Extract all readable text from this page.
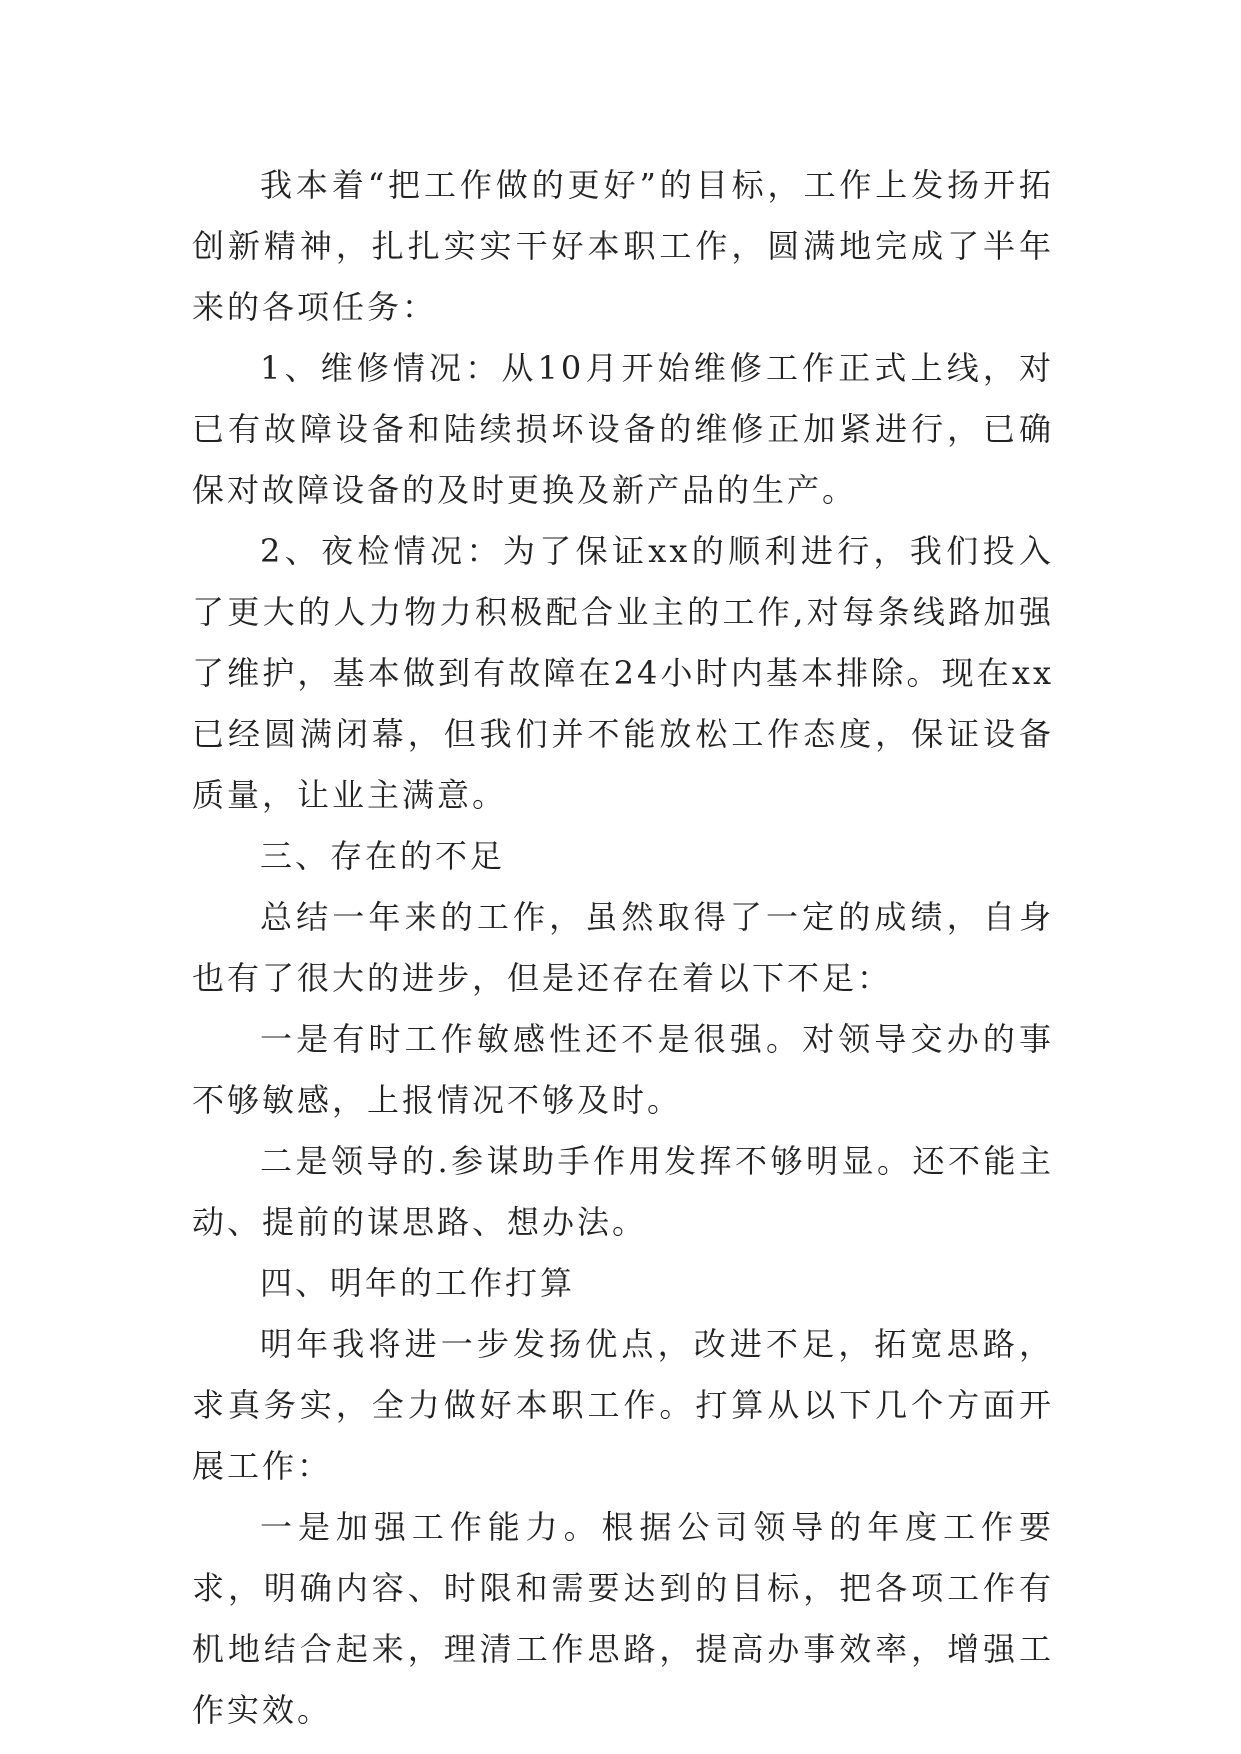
我本着“把工作做的更好”的目标，工作上发扬开拓创新精神，扎扎实实干好本职工作，圆满地完成了半年来的各项任务：

1、维修情况：从10月开始维修工作正式上线，对已有故障设备和陆续损坏设备的维修正加紧进行，已确保对故障设备的及时更换及新产品的生产。

2、夜检情况：为了保证xx的顺利进行，我们投入了更大的人力物力积极配合业主的工作,对每条线路加强了维护，基本做到有故障在24小时内基本排除。现在xx已经圆满闭幕，但我们并不能放松工作态度，保证设备质量，让业主满意。

三、存在的不足

总结一年来的工作，虽然取得了一定的成绩，自身也有了很大的进步，但是还存在着以下不足：

一是有时工作敏感性还不是很强。对领导交办的事不够敏感，上报情况不够及时。

二是领导的.参谋助手作用发挥不够明显。还不能主动、提前的谋思路、想办法。

四、明年的工作打算

明年我将进一步发扬优点，改进不足，拓宽思路，求真务实，全力做好本职工作。打算从以下几个方面开展工作：

一是加强工作能力。根据公司领导的年度工作要求，明确内容、时限和需要达到的目标，把各项工作有机地结合起来，理清工作思路，提高办事效率，增强工作实效。
